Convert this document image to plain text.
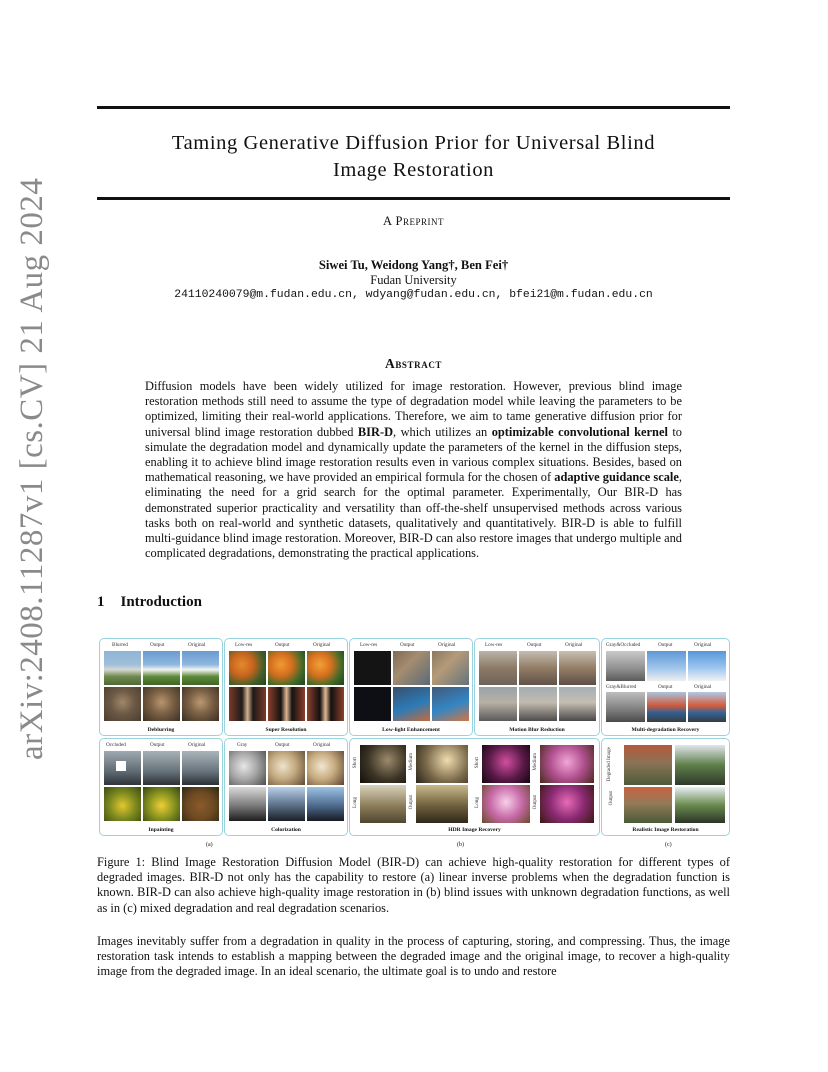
arXiv:2408.11287v1 [cs.CV] 21 Aug 2024
Taming Generative Diffusion Prior for Universal Blind
Image Restoration
A Preprint
Siwei Tu, Weidong Yang†, Ben Fei†
Fudan University
24110240079@m.fudan.edu.cn, wdyang@fudan.edu.cn, bfei21@m.fudan.edu.cn
Abstract
Diffusion models have been widely utilized for image restoration. However, previous blind image restoration methods still need to assume the type of degradation model while leaving the parameters to be optimized, limiting their real-world applications. Therefore, we aim to tame generative diffusion prior for universal blind image restoration dubbed BIR-D, which utilizes an optimizable convolutional kernel to simulate the degradation model and dynamically update the parameters of the kernel in the diffusion steps, enabling it to achieve blind image restoration results even in various complex situations. Besides, based on mathematical reasoning, we have provided an empirical formula for the chosen of adaptive guidance scale, eliminating the need for a grid search for the optimal parameter. Experimentally, Our BIR-D has demonstrated superior practicality and versatility than off-the-shelf unsupervised methods across various tasks both on real-world and synthetic datasets, qualitatively and quantitatively. BIR-D is able to fulfill multi-guidance blind image restoration. Moreover, BIR-D can also restore images that undergo multiple and complicated degradations, demonstrating the practical applications.
1 Introduction
Blurred	Output	Original
Deblurring
Low-res	Output	Original
Super Resolution
Low-res	Output	Original
Low-light Enhancement
Low-res	Output	Original
Motion Blur Reduction
Gray&Occluded	Output	Original
Gray&Blurred	Output	Original
Multi-degradation Recovery
Occluded	Output	Original
Inpainting
Gray	Output	Original
Colorization
Short	Medium
Long	Output
Short	Medium
Long	Output
HDR Image Recovery
Degraded Image
Output
Realistic Image Restoration
(a)	(b)	(c)
Figure 1: Blind Image Restoration Diffusion Model (BIR-D) can achieve high-quality restoration for different types of degraded images. BIR-D not only has the capability to restore (a) linear inverse problems when the degradation function is known. BIR-D can also achieve high-quality image restoration in (b) blind issues with unknown degradation functions, as well as in (c) mixed degradation and real degradation scenarios.
Images inevitably suffer from a degradation in quality in the process of capturing, storing, and compressing. Thus, the image restoration task intends to establish a mapping between the degraded image and the original image, to recover a high-quality image from the degraded image. In an ideal scenario, the ultimate goal is to undo and restore
